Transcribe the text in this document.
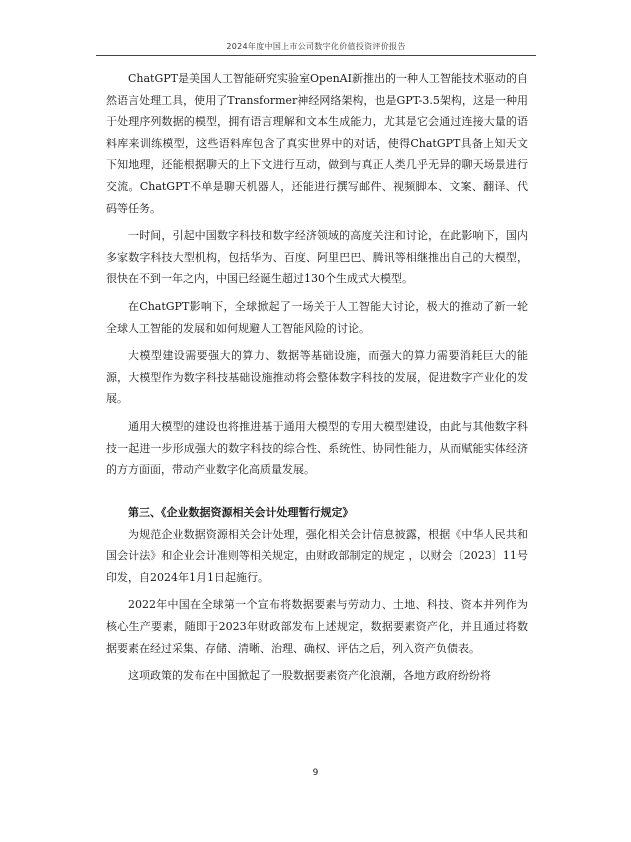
2024年度中国上市公司数字化价值投资评价报告

ChatGPT是美国人工智能研究实验室OpenAI新推出的一种人工智能技术驱动的自然语言处理工具，使用了Transformer神经网络架构，也是GPT-3.5架构，这是一种用于处理序列数据的模型，拥有语言理解和文本生成能力，尤其是它会通过连接大量的语料库来训练模型，这些语料库包含了真实世界中的对话，使得ChatGPT具备上知天文下知地理，还能根据聊天的上下文进行互动，做到与真正人类几乎无异的聊天场景进行交流。ChatGPT不单是聊天机器人，还能进行撰写邮件、视频脚本、文案、翻译、代码等任务。

一时间，引起中国数字科技和数字经济领域的高度关注和讨论，在此影响下，国内多家数字科技大型机构，包括华为、百度、阿里巴巴、腾讯等相继推出自己的大模型，很快在不到一年之内，中国已经诞生超过130个生成式大模型。

在ChatGPT影响下，全球掀起了一场关于人工智能大讨论，极大的推动了新一轮全球人工智能的发展和如何规避人工智能风险的讨论。

大模型建设需要强大的算力、数据等基础设施，而强大的算力需要消耗巨大的能源，大模型作为数字科技基础设施推动将会整体数字科技的发展，促进数字产业化的发展。

通用大模型的建设也将推进基于通用大模型的专用大模型建设，由此与其他数字科技一起进一步形成强大的数字科技的综合性、系统性、协同性能力，从而赋能实体经济的方方面面，带动产业数字化高质量发展。

第三、《企业数据资源相关会计处理暂行规定》

为规范企业数据资源相关会计处理，强化相关会计信息披露，根据《中华人民共和国会计法》和企业会计准则等相关规定，由财政部制定的规定 ，以财会〔2023〕11号印发，自2024年1月1日起施行。

2022年中国在全球第一个宣布将数据要素与劳动力、土地、科技、资本并列作为核心生产要素，随即于2023年财政部发布上述规定，数据要素资产化，并且通过将数据要素在经过采集、存储、清晰、治理、确权、评估之后，列入资产负债表。

这项政策的发布在中国掀起了一股数据要素资产化浪潮，各地方政府纷纷将

9
